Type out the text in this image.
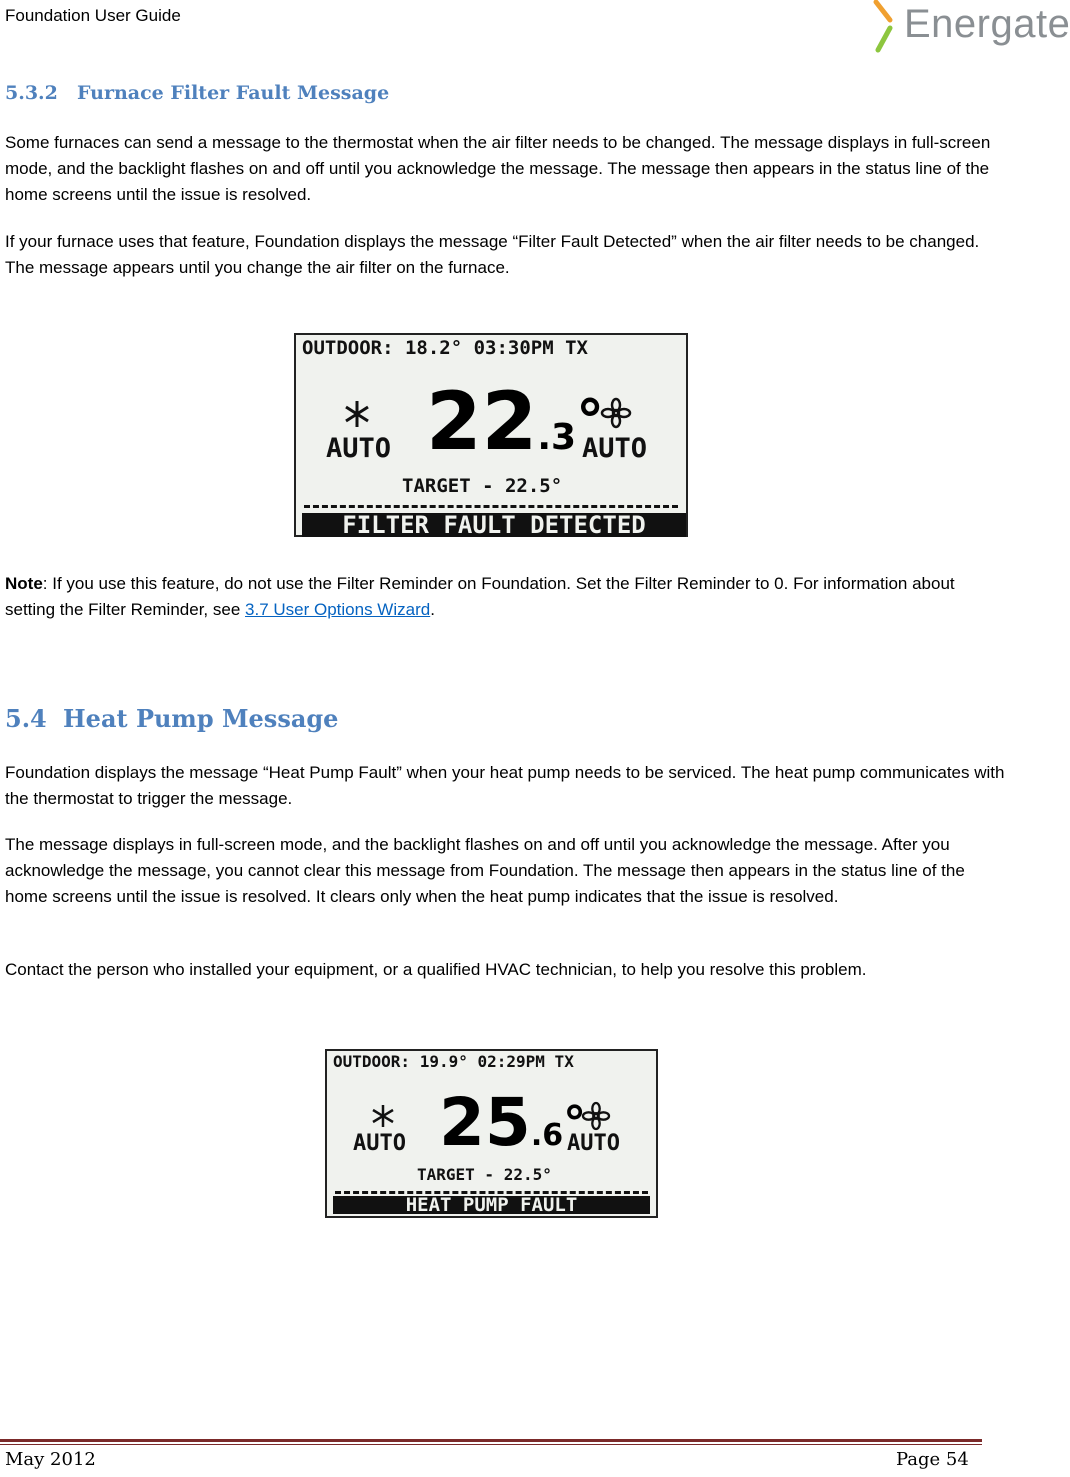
Foundation User Guide	Energate
5.3.2 Furnace Filter Fault Message
Some furnaces can send a message to the thermostat when the air filter needs to be changed. The message displays in full-screen mode, and the backlight flashes on and off until you acknowledge the message. The message then appears in the status line of the home screens until the issue is resolved.
If your furnace uses that feature, Foundation displays the message “Filter Fault Detected” when the air filter needs to be changed. The message appears until you change the air filter on the furnace.
OUTDOOR: 18.2° 03:30PM TX
AUTO	AUTO
22.3°
TARGET - 22.5°
FILTER FAULT DETECTED
Note: If you use this feature, do not use the Filter Reminder on Foundation. Set the Filter Reminder to 0. For information about setting the Filter Reminder, see 3.7 User Options Wizard.
5.4 Heat Pump Message
Foundation displays the message “Heat Pump Fault” when your heat pump needs to be serviced. The heat pump communicates with the thermostat to trigger the message.
The message displays in full-screen mode, and the backlight flashes on and off until you acknowledge the message. After you acknowledge the message, you cannot clear this message from Foundation. The message then appears in the status line of the home screens until the issue is resolved. It clears only when the heat pump indicates that the issue is resolved.
Contact the person who installed your equipment, or a qualified HVAC technician, to help you resolve this problem.
OUTDOOR: 19.9° 02:29PM TX
AUTO	AUTO
25.6°
TARGET - 22.5°
HEAT PUMP FAULT
May 2012	Page 54
